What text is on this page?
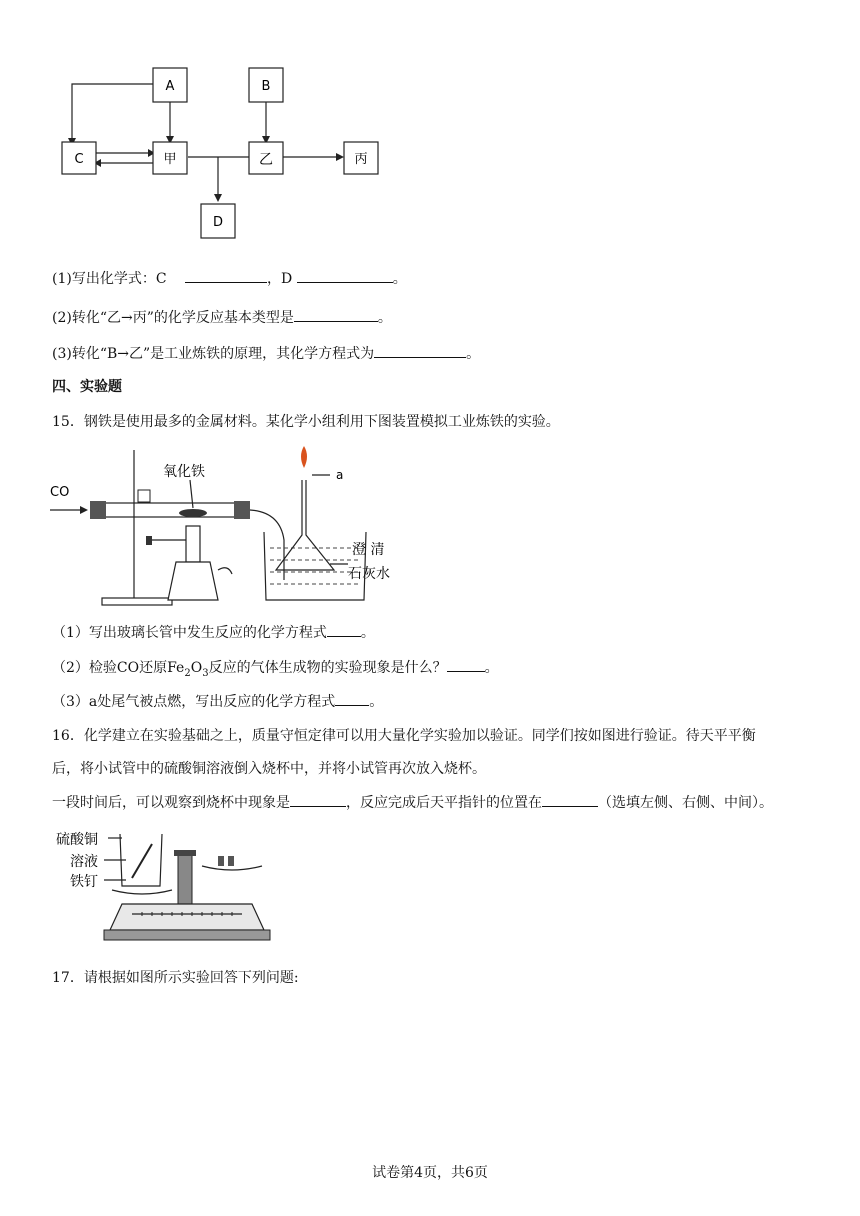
A	B
C	甲	乙	丙
D
(1)写出化学式：C	，D	。
(2)转化“乙→丙”的化学反应基本类型是	。
(3)转化“B→乙”是工业炼铁的原理，其化学方程式为	。
四、实验题
15．钢铁是使用最多的金属材料。某化学小组利用下图装置模拟工业炼铁的实验。
CO
氧化铁	a
澄 清
石灰水
（1）写出玻璃长管中发生反应的化学方程式 。
（2）检验CO还原$Fe_2O_3$反应的气体生成物的实验现象是什么？	。
（3）a处尾气被点燃，写出反应的化学方程式 。
16．化学建立在实验基础之上，质量守恒定律可以用大量化学实验加以验证。同学们按如图进行验证。待天平平衡
后，将小试管中的硫酸铜溶液倒入烧杯中，并将小试管再次放入烧杯。
一段时间后，可以观察到烧杯中现象是	，反应完成后天平指针的位置在	（选填左侧、右侧、中间）。
硫酸铜
溶液
铁钉
17．请根据如图所示实验回答下列问题:
试卷第4页，共6页
